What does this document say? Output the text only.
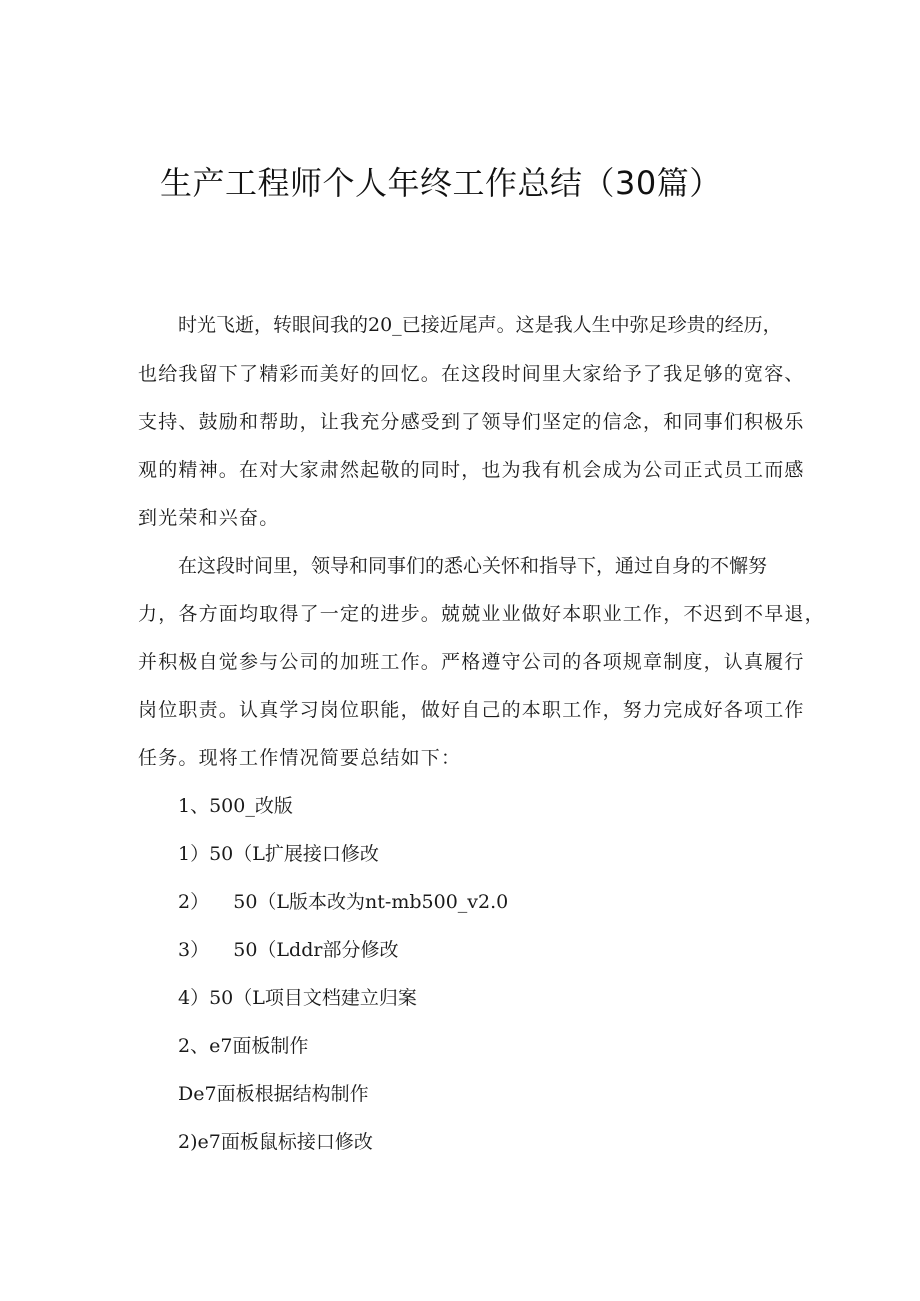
生产工程师个人年终工作总结（30篇）
时光飞逝，转眼间我的20_已接近尾声。这是我人生中弥足珍贵的经历，
也给我留下了精彩而美好的回忆。在这段时间里大家给予了我足够的宽容、
支持、鼓励和帮助，让我充分感受到了领导们坚定的信念，和同事们积极乐
观的精神。在对大家肃然起敬的同时，也为我有机会成为公司正式员工而感
到光荣和兴奋。
在这段时间里，领导和同事们的悉心关怀和指导下，通过自身的不懈努
力，各方面均取得了一定的进步。兢兢业业做好本职业工作，不迟到不早退，
并积极自觉参与公司的加班工作。严格遵守公司的各项规章制度，认真履行
岗位职责。认真学习岗位职能，做好自己的本职工作，努力完成好各项工作
任务。现将工作情况简要总结如下：
1、500_改版
1）50（L扩展接口修改
2）    50（L版本改为nt-mb500_v2.0
3）    50（Lddr部分修改
4）50（L项目文档建立归案
2、e7面板制作
De7面板根据结构制作
2)e7面板鼠标接口修改
